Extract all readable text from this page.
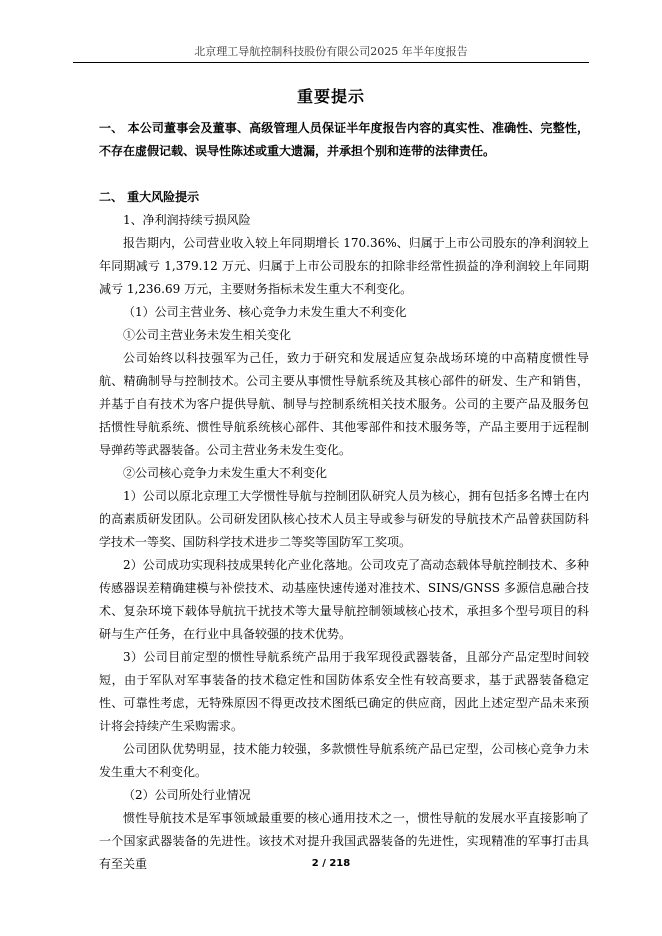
北京理工导航控制科技股份有限公司2025 年半年度报告
重要提示

一、 本公司董事会及董事、高级管理人员保证半年度报告内容的真实性、准确性、完整性，不存在虚假记载、误导性陈述或重大遗漏，并承担个别和连带的法律责任。

二、 重大风险提示

1、净利润持续亏损风险

报告期内，公司营业收入较上年同期增长 170.36%、归属于上市公司股东的净利润较上年同期减亏 1,379.12 万元、归属于上市公司股东的扣除非经常性损益的净利润较上年同期减亏 1,236.69 万元，主要财务指标未发生重大不利变化。

（1）公司主营业务、核心竞争力未发生重大不利变化

①公司主营业务未发生相关变化

公司始终以科技强军为己任，致力于研究和发展适应复杂战场环境的中高精度惯性导航、精确制导与控制技术。公司主要从事惯性导航系统及其核心部件的研发、生产和销售，并基于自有技术为客户提供导航、制导与控制系统相关技术服务。公司的主要产品及服务包括惯性导航系统、惯性导航系统核心部件、其他零部件和技术服务等，产品主要用于远程制导弹药等武器装备。公司主营业务未发生变化。

②公司核心竞争力未发生重大不利变化

1）公司以原北京理工大学惯性导航与控制团队研究人员为核心，拥有包括多名博士在内的高素质研发团队。公司研发团队核心技术人员主导或参与研发的导航技术产品曾获国防科学技术一等奖、国防科学技术进步二等奖等国防军工奖项。

2）公司成功实现科技成果转化产业化落地。公司攻克了高动态载体导航控制技术、多种传感器误差精确建模与补偿技术、动基座快速传递对准技术、SINS/GNSS 多源信息融合技术、复杂环境下载体导航抗干扰技术等大量导航控制领域核心技术，承担多个型号项目的科研与生产任务，在行业中具备较强的技术优势。

3）公司目前定型的惯性导航系统产品用于我军现役武器装备，且部分产品定型时间较短，由于军队对军事装备的技术稳定性和国防体系安全性有较高要求，基于武器装备稳定性、可靠性考虑，无特殊原因不得更改技术图纸已确定的供应商，因此上述定型产品未来预计将会持续产生采购需求。

公司团队优势明显，技术能力较强，多款惯性导航系统产品已定型，公司核心竞争力未发生重大不利变化。

（2）公司所处行业情况

惯性导航技术是军事领域最重要的核心通用技术之一，惯性导航的发展水平直接影响了一个国家武器装备的先进性。该技术对提升我国武器装备的先进性，实现精准的军事打击具有至关重	2 / 218
